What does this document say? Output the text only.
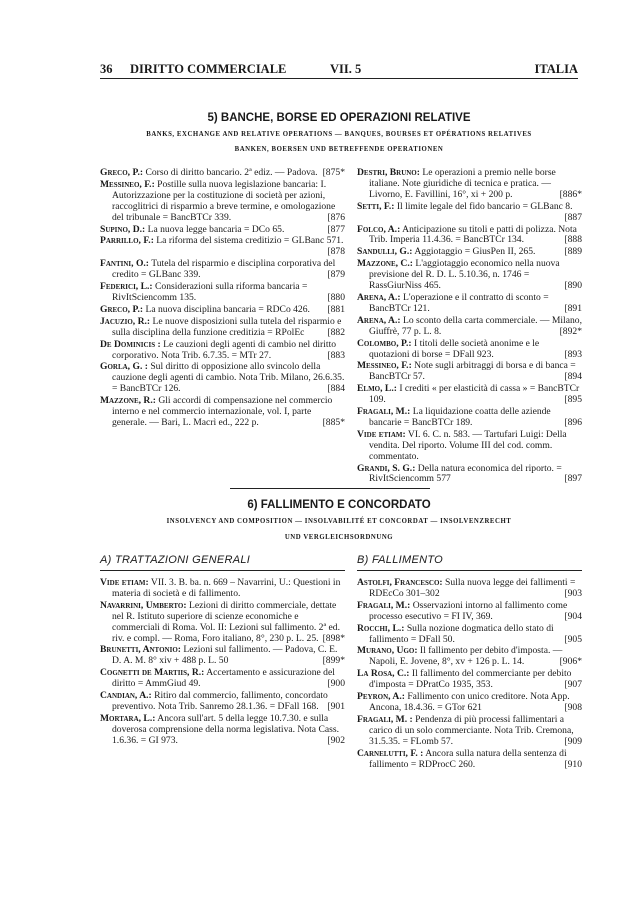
36 DIRITTO COMMERCIALE	VII. 5	ITALIA
5) BANCHE, BORSE ED OPERAZIONI RELATIVE
BANKS, EXCHANGE AND RELATIVE OPERATIONS — BANQUES, BOURSES ET OPÉRATIONS RELATIVES
BANKEN, BOERSEN UND BETREFFENDE OPERATIONEN
Greco, P.: Corso di diritto bancario. 2ª ediz. — Padova. [875*
Messineo, F.: Postille sulla nuova legislazione bancaria: I. Autorizzazione per la costituzione di società per azioni, raccoglitrici di risparmio a breve termine, e omologazione del tribunale = BancBTCr 339.	[876
Supino, D.: La nuova legge bancaria = DCo 65.	[877
Parrillo, F.: La riforma del sistema creditizio = GLBanc 571.
[878
Fantini, O.: Tutela del risparmio e disciplina corporativa del credito = GLBanc 339.	[879
Federici, L.: Considerazioni sulla riforma bancaria = RivItSciencomm 135.	[880
Greco, P.: La nuova disciplina bancaria = RDCo 426. [881
Jacuzio, R.: Le nuove disposizioni sulla tutela del risparmio e sulla disciplina della funzione creditizia = RPolEc [882
De Dominicis : Le cauzioni degli agenti di cambio nel diritto corporativo. Nota Trib. 6.7.35. = MTr 27.	[883
Gorla, G. : Sul diritto di opposizione allo svincolo della cauzione degli agenti di cambio. Nota Trib. Milano, 26.6.35. = BancBTCr 126.	[884
Mazzone, R.: Gli accordi di compensazione nel commercio interno e nel commercio internazionale, vol. I, parte generale. — Bari, L. Macrì ed., 222 p.	[885*
Destri, Bruno: Le operazioni a premio nelle borse italiane. Note giuridiche di tecnica e pratica. — Livorno, E. Favillini, 16°, xi + 200 p.	[886*
Setti, F.: Il limite legale del fido bancario = GLBanc 8.
[887
Folco, A.: Anticipazione su titoli e patti di polizza. Nota Trib. Imperia 11.4.36. = BancBTCr 134.	[888
Sandulli, G.: Aggiotaggio = GiusPen II, 265.	[889
Mazzone, C.: L'aggiotaggio economico nella nuova previsione del R. D. L. 5.10.36, n. 1746 = RassGiurNiss 465.	[890
Arena, A.: L'operazione e il contratto di sconto = BancBTCr 121.	[891
Arena, A.: Lo sconto della carta commerciale. — Milano, Giuffrè, 77 p. L. 8.	[892*
Colombo, P.: I titoli delle società anonime e le quotazioni di borse = DFall 923.	[893
Messineo, F.: Note sugli arbitraggi di borsa e di banca = BancBTCr 57.	[894
Elmo, L.: I crediti « per elasticità di cassa » = BancBTCr 109.	[895
Fragali, M.: La liquidazione coatta delle aziende bancarie = BancBTCr 189.	[896
Vide etiam: VI. 6. C. n. 583. — Tartufari Luigi: Della vendita. Del riporto. Volume III del cod. comm. commentato.
Grandi, S. G.: Della natura economica del riporto. = RivItSciencomm 577	[897
6) FALLIMENTO E CONCORDATO
INSOLVENCY AND COMPOSITION — INSOLVABILITÉ ET CONCORDAT — INSOLVENZRECHT
UND VERGLEICHSORDNUNG
A) TRATTAZIONI GENERALI	B) FALLIMENTO
Vide etiam: VII. 3. B. ba. n. 669 – Navarrini, U.: Questioni in materia di società e di fallimento.
Navarrini, Umberto: Lezioni di diritto commerciale, dettate nel R. Istituto superiore di scienze economiche e commerciali di Roma. Vol. II: Lezioni sul fallimento. 2ª ed. riv. e compl. — Roma, Foro italiano, 8°, 230 p. L. 25. [898*
Brunetti, Antonio: Lezioni sul fallimento. — Padova, C. E. D. A. M. 8° xiv + 488 p. L. 50	[899*
Cognetti de Martiis, R.: Accertamento e assicurazione del diritto = AmmGiud 49.	[900
Candian, A.: Ritiro dal commercio, fallimento, concordato preventivo. Nota Trib. Sanremo 28.1.36. = DFall 168. [901
Mortara, L.: Ancora sull'art. 5 della legge 10.7.30. e sulla doverosa comprensione della norma legislativa. Nota Cass. 1.6.36. = GI 973.	[902
Astolfi, Francesco: Sulla nuova legge dei fallimenti = RDEcCo 301–302	[903
Fragali, M.: Osservazioni intorno al fallimento come processo esecutivo = FI IV, 369.	[904
Rocchi, L.: Sulla nozione dogmatica dello stato di fallimento = DFall 50.	[905
Murano, Ugo: Il fallimento per debito d'imposta. — Napoli, E. Jovene, 8°, xv + 126 p. L. 14.	[906*
La Rosa, C.: Il fallimento del commerciante per debito d'imposta = DPratCo 1935, 353.	[907
Peyron, A.: Fallimento con unico creditore. Nota App. Ancona, 18.4.36. = GTor 621	[908
Fragali, M. : Pendenza di più processi fallimentari a carico di un solo commerciante. Nota Trib. Cremona, 31.5.35. = FLomb 57.	[909
Carnelutti, F. : Ancora sulla natura della sentenza di fallimento = RDProcC 260.	[910
